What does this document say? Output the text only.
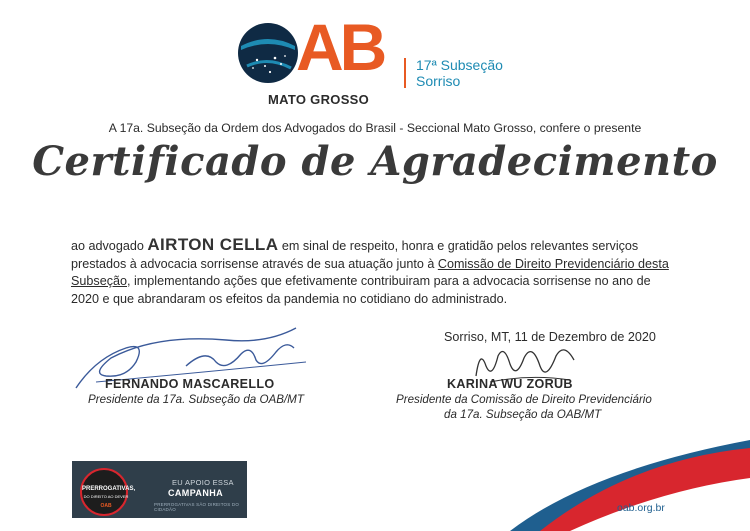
AB
MATO GROSSO
17ª Subseção
Sorriso
A 17a. Subseção da Ordem dos Advogados do Brasil - Seccional Mato Grosso, confere o presente
Certificado de Agradecimento
ao advogado AIRTON CELLA em sinal de respeito, honra e gratidão pelos relevantes serviços prestados à advocacia sorrisense através de sua atuação junto à Comissão de Direito Previdenciário desta Subseção, implementando ações que efetivamente contribuiram para a advocacia sorrisense no ano de 2020 e que abrandaram os efeitos da pandemia no cotidiano do administrado.
Sorriso, MT, 11 de Dezembro de 2020
FERNANDO MASCARELLO
Presidente da 17a. Subseção da OAB/MT
KARINA WU ZORUB
Presidente da Comissão de Direito Previdenciário
da 17a. Subseção da OAB/MT
PRERROGATIVAS,
DO DIREITO AO DEVER
OAB
EU APOIO ESSA
CAMPANHA
PRERROGATIVAS SÃO DIREITOS DO CIDADÃO	oab.org.br
